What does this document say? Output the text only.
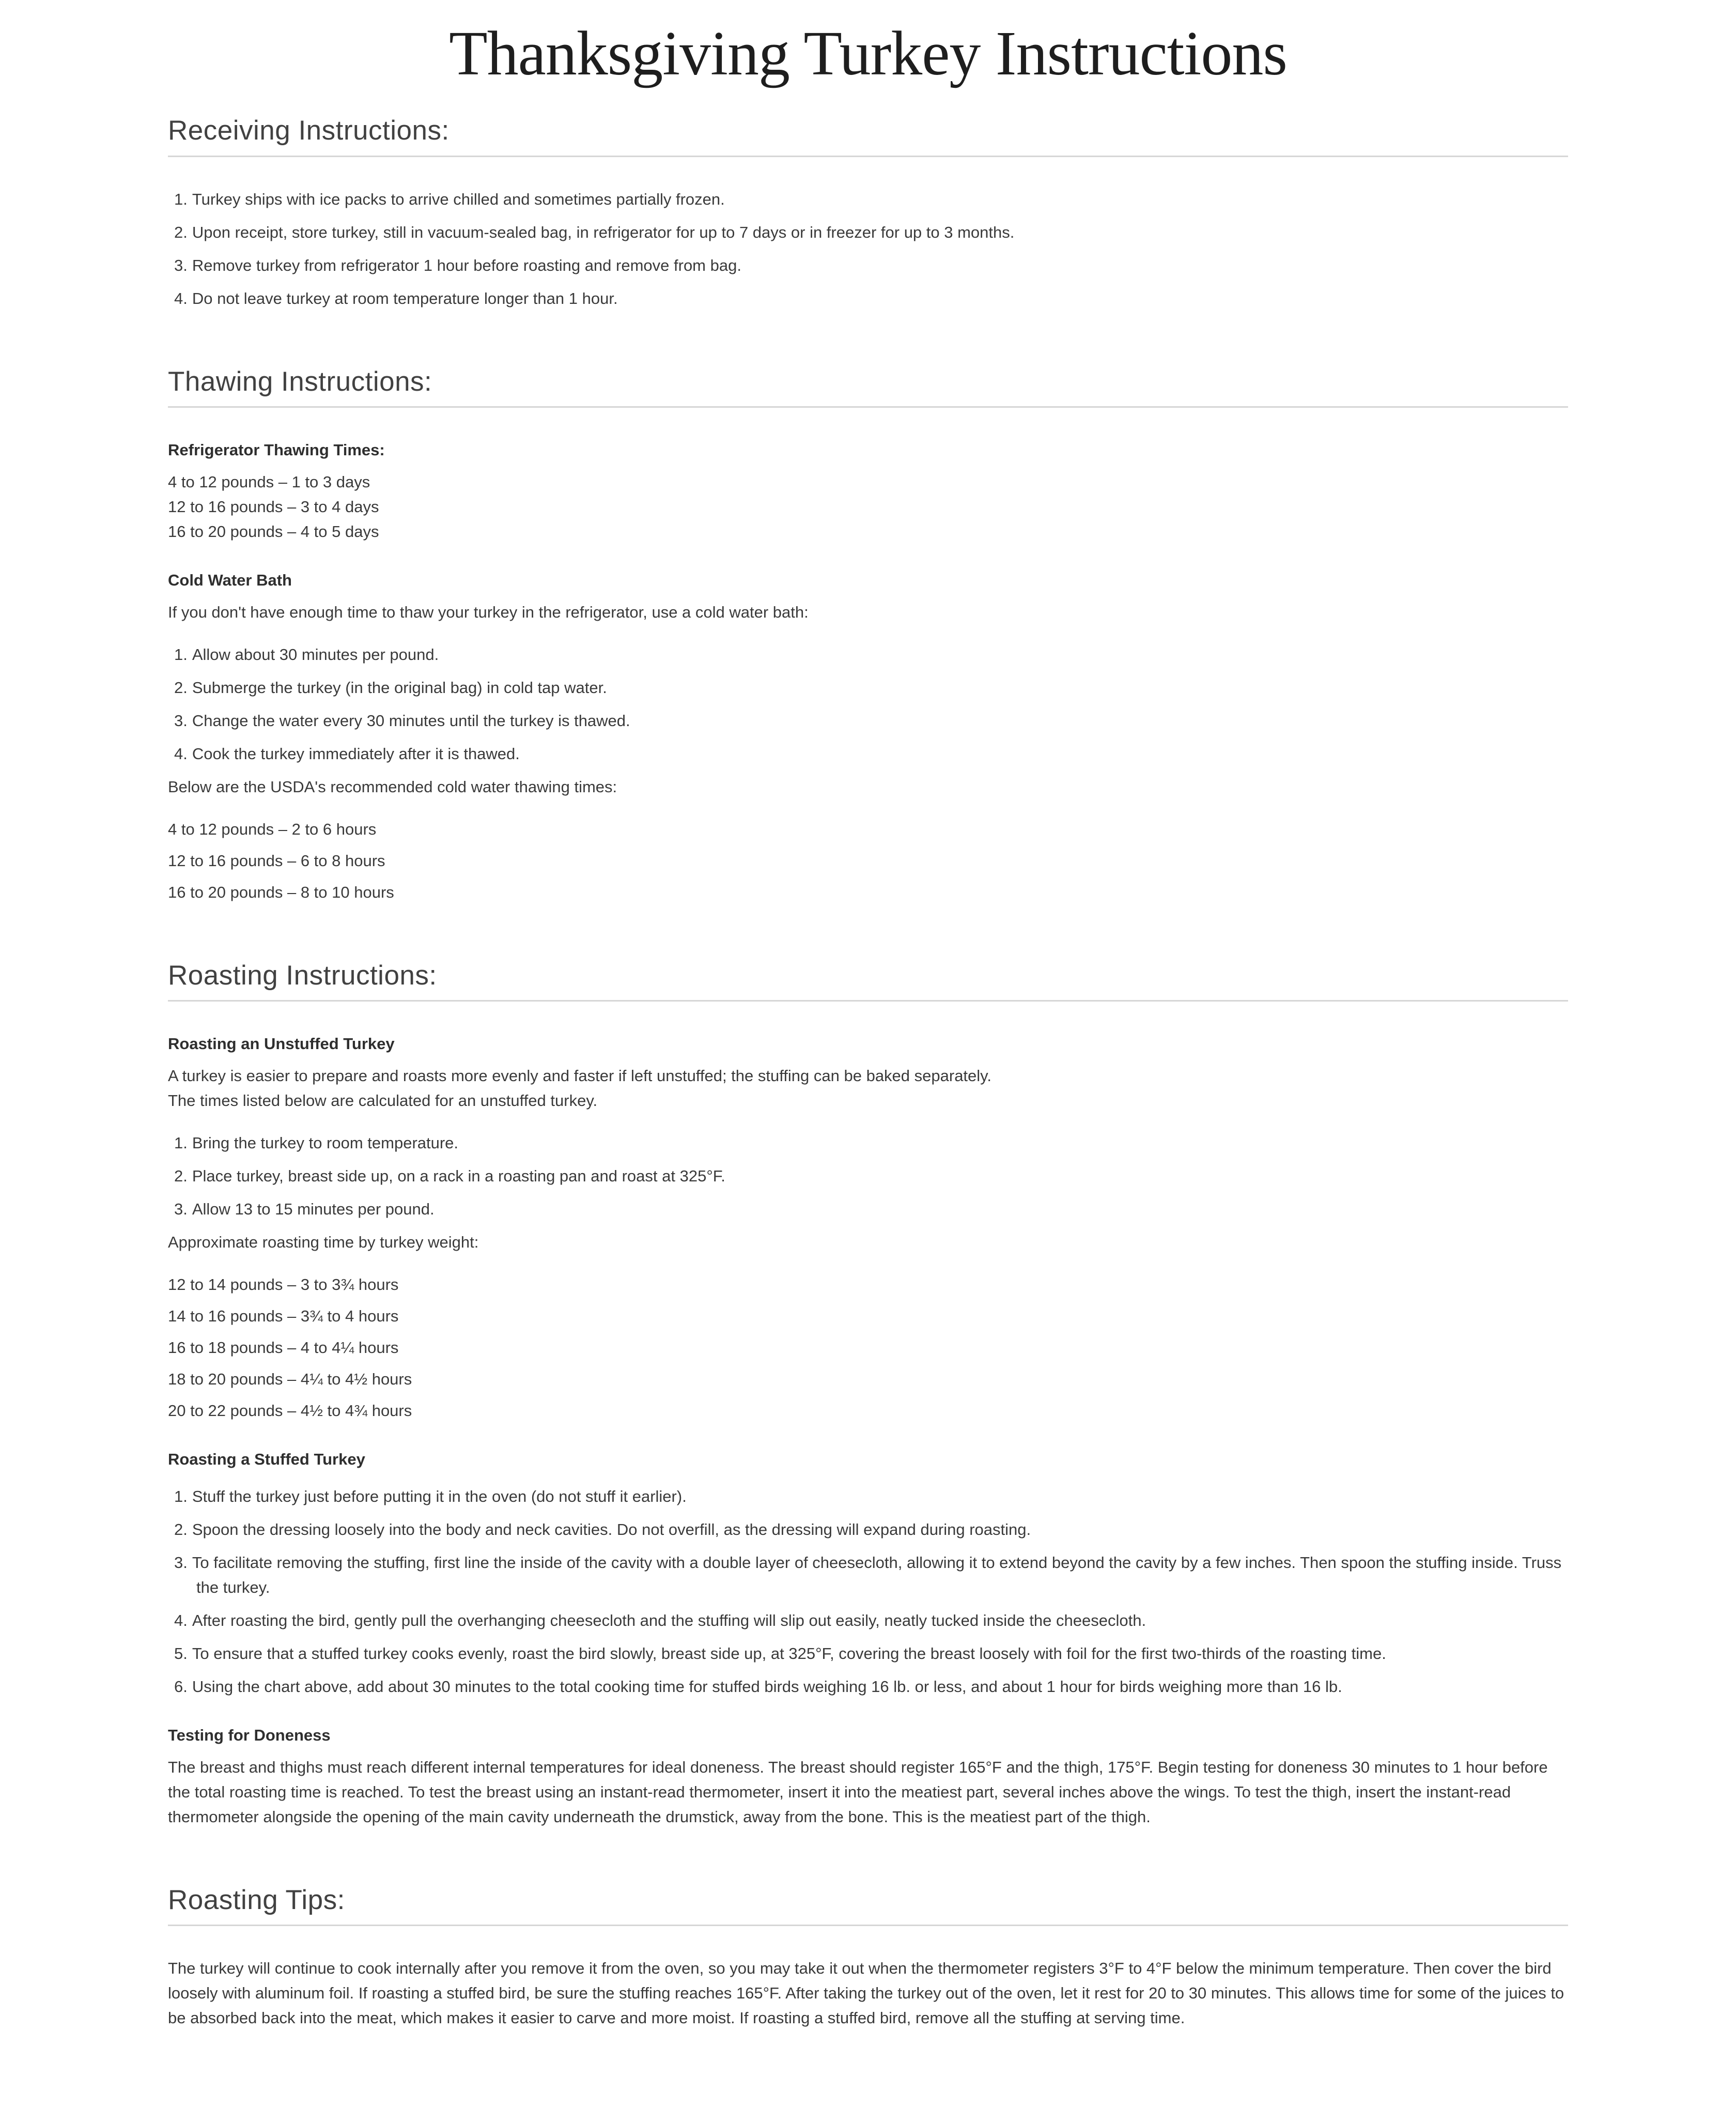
Thanksgiving Turkey Instructions
Receiving Instructions:
1. Turkey ships with ice packs to arrive chilled and sometimes partially frozen.
2. Upon receipt, store turkey, still in vacuum-sealed bag, in refrigerator for up to 7 days or in freezer for up to 3 months.
3. Remove turkey from refrigerator 1 hour before roasting and remove from bag.
4. Do not leave turkey at room temperature longer than 1 hour.
Thawing Instructions:
Refrigerator Thawing Times:
4 to 12 pounds – 1 to 3 days
12 to 16 pounds – 3 to 4 days
16 to 20 pounds – 4 to 5 days
Cold Water Bath

If you don't have enough time to thaw your turkey in the refrigerator, use a cold water bath:

1. Allow about 30 minutes per pound.
2. Submerge the turkey (in the original bag) in cold tap water.
3. Change the water every 30 minutes until the turkey is thawed.
4. Cook the turkey immediately after it is thawed.

Below are the USDA's recommended cold water thawing times:

4 to 12 pounds – 2 to 6 hours

12 to 16 pounds – 6 to 8 hours

16 to 20 pounds – 8 to 10 hours

Roasting Instructions:
Roasting an Unstuffed Turkey
A turkey is easier to prepare and roasts more evenly and faster if left unstuffed; the stuffing can be baked separately.
The times listed below are calculated for an unstuffed turkey.
1. Bring the turkey to room temperature.
2. Place turkey, breast side up, on a rack in a roasting pan and roast at 325°F.
3. Allow 13 to 15 minutes per pound.

Approximate roasting time by turkey weight:

12 to 14 pounds – 3 to 3¾ hours

14 to 16 pounds – 3¾ to 4 hours

16 to 18 pounds – 4 to 4¼ hours

18 to 20 pounds – 4¼ to 4½ hours

20 to 22 pounds – 4½ to 4¾ hours

Roasting a Stuffed Turkey
1. Stuff the turkey just before putting it in the oven (do not stuff it earlier).
2. Spoon the dressing loosely into the body and neck cavities. Do not overfill, as the dressing will expand during roasting.
3. To facilitate removing the stuffing, first line the inside of the cavity with a double layer of cheesecloth, allowing it to extend beyond the cavity by a few inches. Then spoon the stuffing inside. Truss the turkey.
4. After roasting the bird, gently pull the overhanging cheesecloth and the stuffing will slip out easily, neatly tucked inside the cheesecloth.
5. To ensure that a stuffed turkey cooks evenly, roast the bird slowly, breast side up, at 325°F, covering the breast loosely with foil for the first two-thirds of the roasting time.
6. Using the chart above, add about 30 minutes to the total cooking time for stuffed birds weighing 16 lb. or less, and about 1 hour for birds weighing more than 16 lb.
Testing for Doneness

The breast and thighs must reach different internal temperatures for ideal doneness. The breast should register 165°F and the thigh, 175°F. Begin testing for doneness 30 minutes to 1 hour before the total roasting time is reached. To test the breast using an instant-read thermometer, insert it into the meatiest part, several inches above the wings. To test the thigh, insert the instant-read thermometer alongside the opening of the main cavity underneath the drumstick, away from the bone. This is the meatiest part of the thigh.

Roasting Tips:

The turkey will continue to cook internally after you remove it from the oven, so you may take it out when the thermometer registers 3°F to 4°F below the minimum temperature. Then cover the bird loosely with aluminum foil. If roasting a stuffed bird, be sure the stuffing reaches 165°F. After taking the turkey out of the oven, let it rest for 20 to 30 minutes. This allows time for some of the juices to be absorbed back into the meat, which makes it easier to carve and more moist. If roasting a stuffed bird, remove all the stuffing at serving time.
